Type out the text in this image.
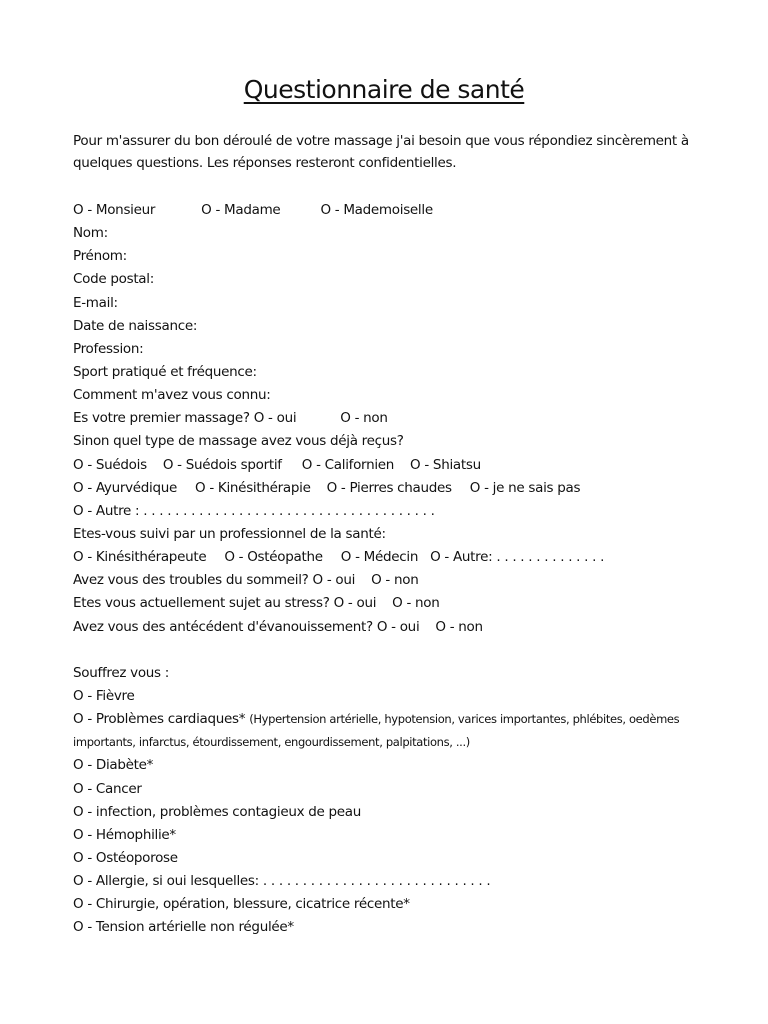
Questionnaire de santé

Pour m'assurer du bon déroulé de votre massage j'ai besoin que vous répondiez sincèrement à quelques questions. Les réponses resteront confidentielles.

O - Monsieur	O - Madame	O - Mademoiselle
Nom:
Prénom:
Code postal:
E-mail:
Date de naissance:
Profession:
Sport pratiqué et fréquence:
Comment m'avez vous connu:
Es votre premier massage? O - oui	O - non
Sinon quel type de massage avez vous déjà reçus?
O - Suédois O - Suédois sportif O - Californien O - Shiatsu
O - Ayurvédique O - Kinésithérapie O - Pierres chaudes O - je ne sais pas
O - Autre : . . . . . . . . . . . . . . . . . . . . . . . . . . . . . . . . . . . . .
Etes-vous suivi par un professionnel de la santé:
O - Kinésithérapeute O - Ostéopathe O - Médecin O - Autre: . . . . . . . . . . . . . .
Avez vous des troubles du sommeil? O - oui O - non
Etes vous actuellement sujet au stress? O - oui O - non
Avez vous des antécédent d'évanouissement? O - oui O - non
Souffrez vous :
O - Fièvre
O - Problèmes cardiaques* (Hypertension artérielle, hypotension, varices importantes, phlébites, oedèmes importants, infarctus, étourdissement, engourdissement, palpitations, ...)
O - Diabète*
O - Cancer
O - infection, problèmes contagieux de peau
O - Hémophilie*
O - Ostéoporose
O - Allergie, si oui lesquelles: . . . . . . . . . . . . . . . . . . . . . . . . . . . . .
O - Chirurgie, opération, blessure, cicatrice récente*
O - Tension artérielle non régulée*
